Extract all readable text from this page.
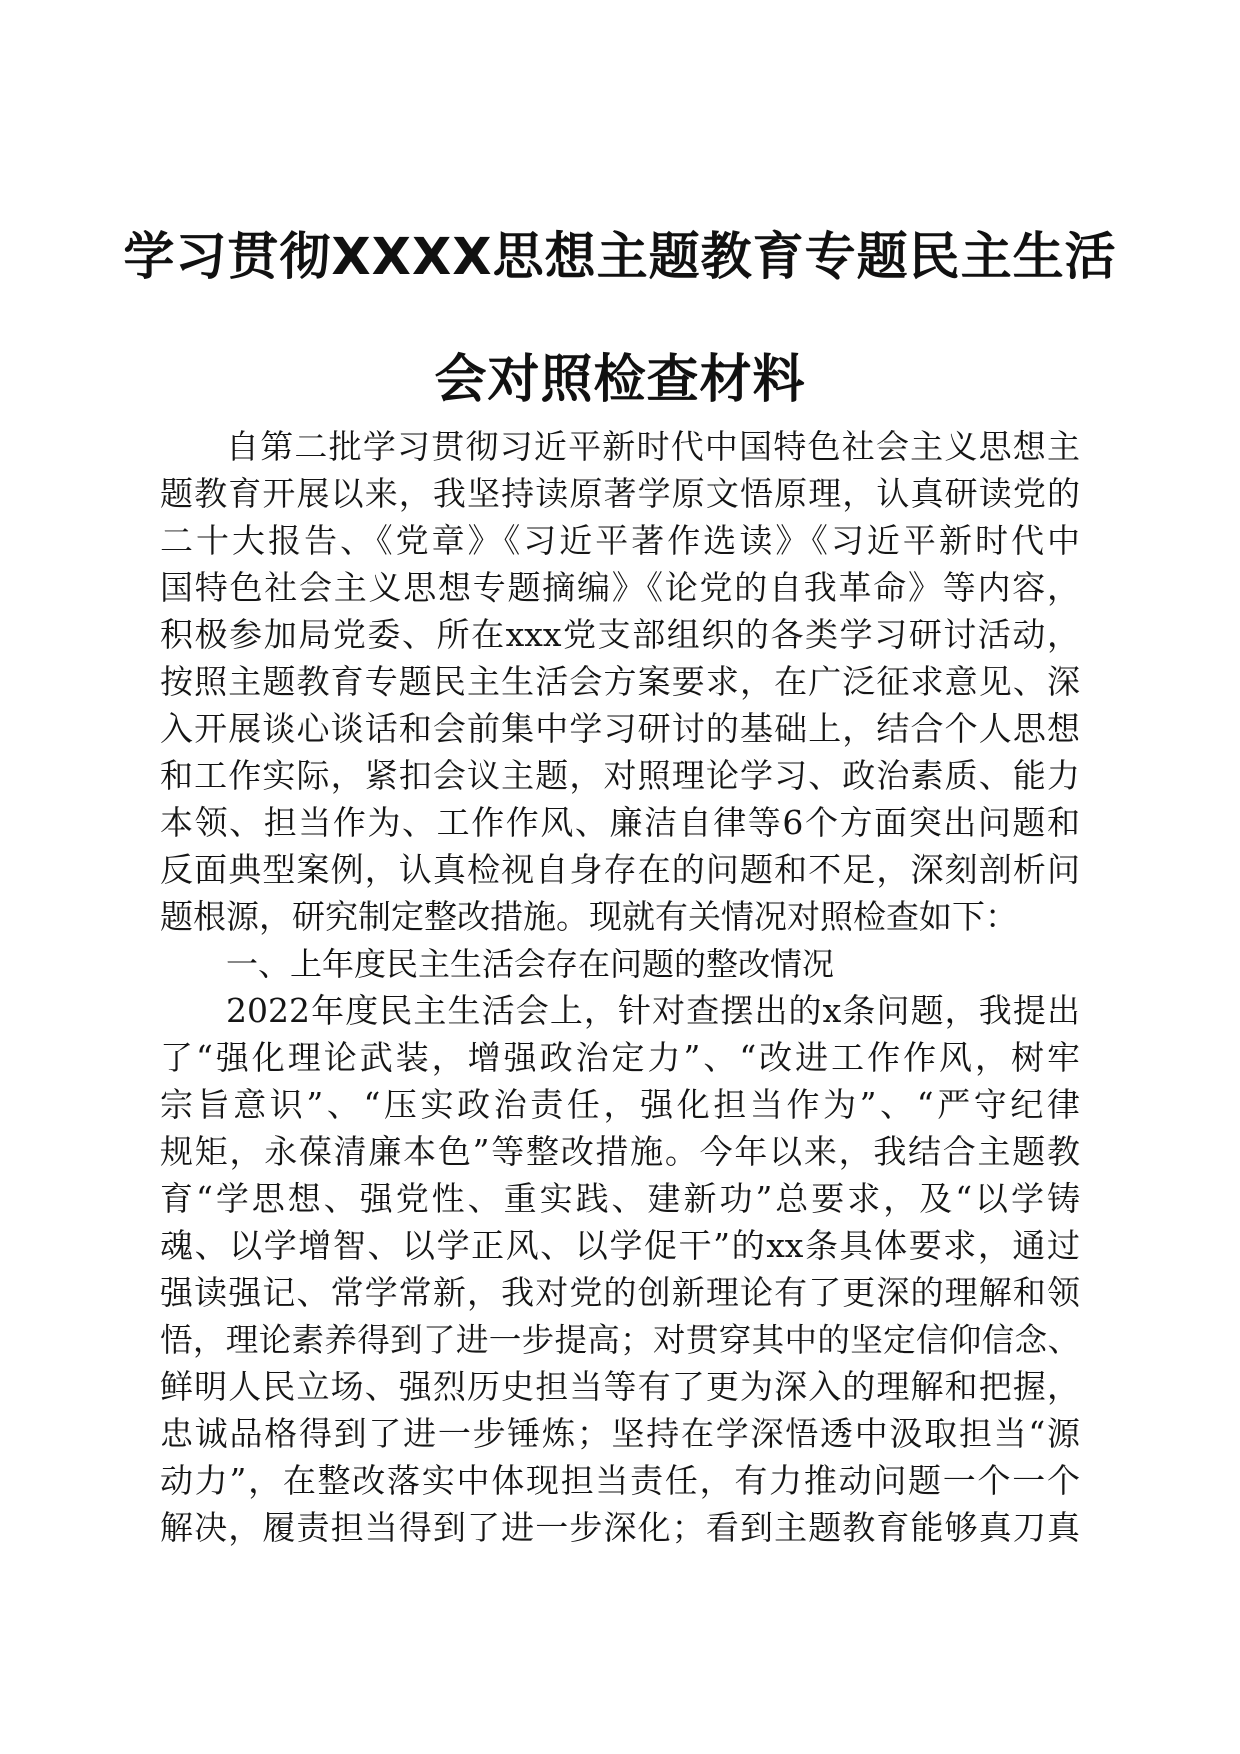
学习贯彻XXXX思想主题教育专题民主生活
会对照检查材料
自第二批学习贯彻习近平新时代中国特色社会主义思想主
题教育开展以来，我坚持读原著学原文悟原理，认真研读党的
二十大报告、《党章》《习近平著作选读》《习近平新时代中
国特色社会主义思想专题摘编》《论党的自我革命》等内容，
积极参加局党委、所在xxx党支部组织的各类学习研讨活动，
按照主题教育专题民主生活会方案要求，在广泛征求意见、深
入开展谈心谈话和会前集中学习研讨的基础上，结合个人思想
和工作实际，紧扣会议主题，对照理论学习、政治素质、能力
本领、担当作为、工作作风、廉洁自律等6个方面突出问题和
反面典型案例，认真检视自身存在的问题和不足，深刻剖析问
题根源，研究制定整改措施。现就有关情况对照检查如下：
一、上年度民主生活会存在问题的整改情况
2022年度民主生活会上，针对查摆出的x条问题，我提出
了“强化理论武装，增强政治定力”、“改进工作作风，树牢
宗旨意识”、“压实政治责任，强化担当作为”、“严守纪律
规矩，永葆清廉本色”等整改措施。今年以来，我结合主题教
育“学思想、强党性、重实践、建新功”总要求，及“以学铸
魂、以学增智、以学正风、以学促干”的xx条具体要求，通过
强读强记、常学常新，我对党的创新理论有了更深的理解和领
悟，理论素养得到了进一步提高；对贯穿其中的坚定信仰信念、
鲜明人民立场、强烈历史担当等有了更为深入的理解和把握，
忠诚品格得到了进一步锤炼；坚持在学深悟透中汲取担当“源
动力”，在整改落实中体现担当责任，有力推动问题一个一个
解决，履责担当得到了进一步深化；看到主题教育能够真刀真
